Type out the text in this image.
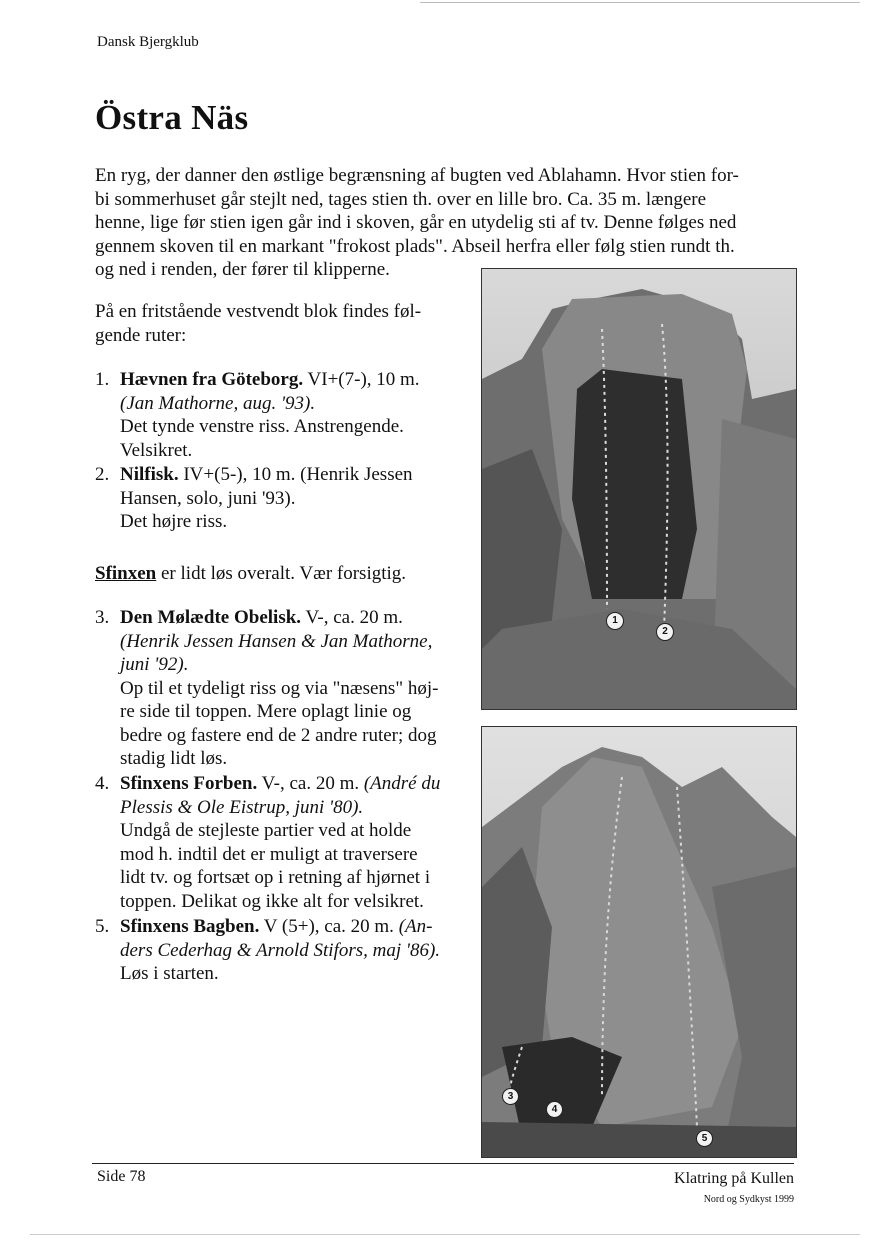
Dansk Bjergklub
Östra Näs

En ryg, der danner den østlige begrænsning af bugten ved Ablahamn. Hvor stien for-
bi sommerhuset går stejlt ned, tages stien th. over en lille bro. Ca. 35 m. længere
henne, lige før stien igen går ind i skoven, går en utydelig sti af tv. Denne følges ned
gennem skoven til en markant "frokost plads". Abseil herfra eller følg stien rundt th.
og ned i renden, der fører til klipperne.

På en fritstående vestvendt blok findes føl-
gende ruter:
1. Hævnen fra Göteborg. VI+(7-), 10 m.
(Jan Mathorne, aug. '93).
Det tynde venstre riss. Anstrengende.
Velsikret.
2. Nilfisk. IV+(5-), 10 m. (Henrik Jessen
Hansen, solo, juni '93).
Det højre riss.
Sfinxen er lidt løs overalt. Vær forsigtig.
3. Den Mølædte Obelisk. V-, ca. 20 m.
(Henrik Jessen Hansen & Jan Mathorne,
juni '92).
Op til et tydeligt riss og via "næsens" høj-
re side til toppen. Mere oplagt linie og
bedre og fastere end de 2 andre ruter; dog
stadig lidt løs.
4. Sfinxens Forben. V-, ca. 20 m. (André du
Plessis & Ole Eistrup, juni '80).
Undgå de stejleste partier ved at holde
mod h. indtil det er muligt at traversere
lidt tv. og fortsæt op i retning af hjørnet i
toppen. Delikat og ikke alt for velsikret.
5. Sfinxens Bagben. V (5+), ca. 20 m. (An-
ders Cederhag & Arnold Stifors, maj '86).
Løs i starten.
1
2
3
4
5
Side 78	Klatring på Kullen
Nord og Sydkyst 1999
